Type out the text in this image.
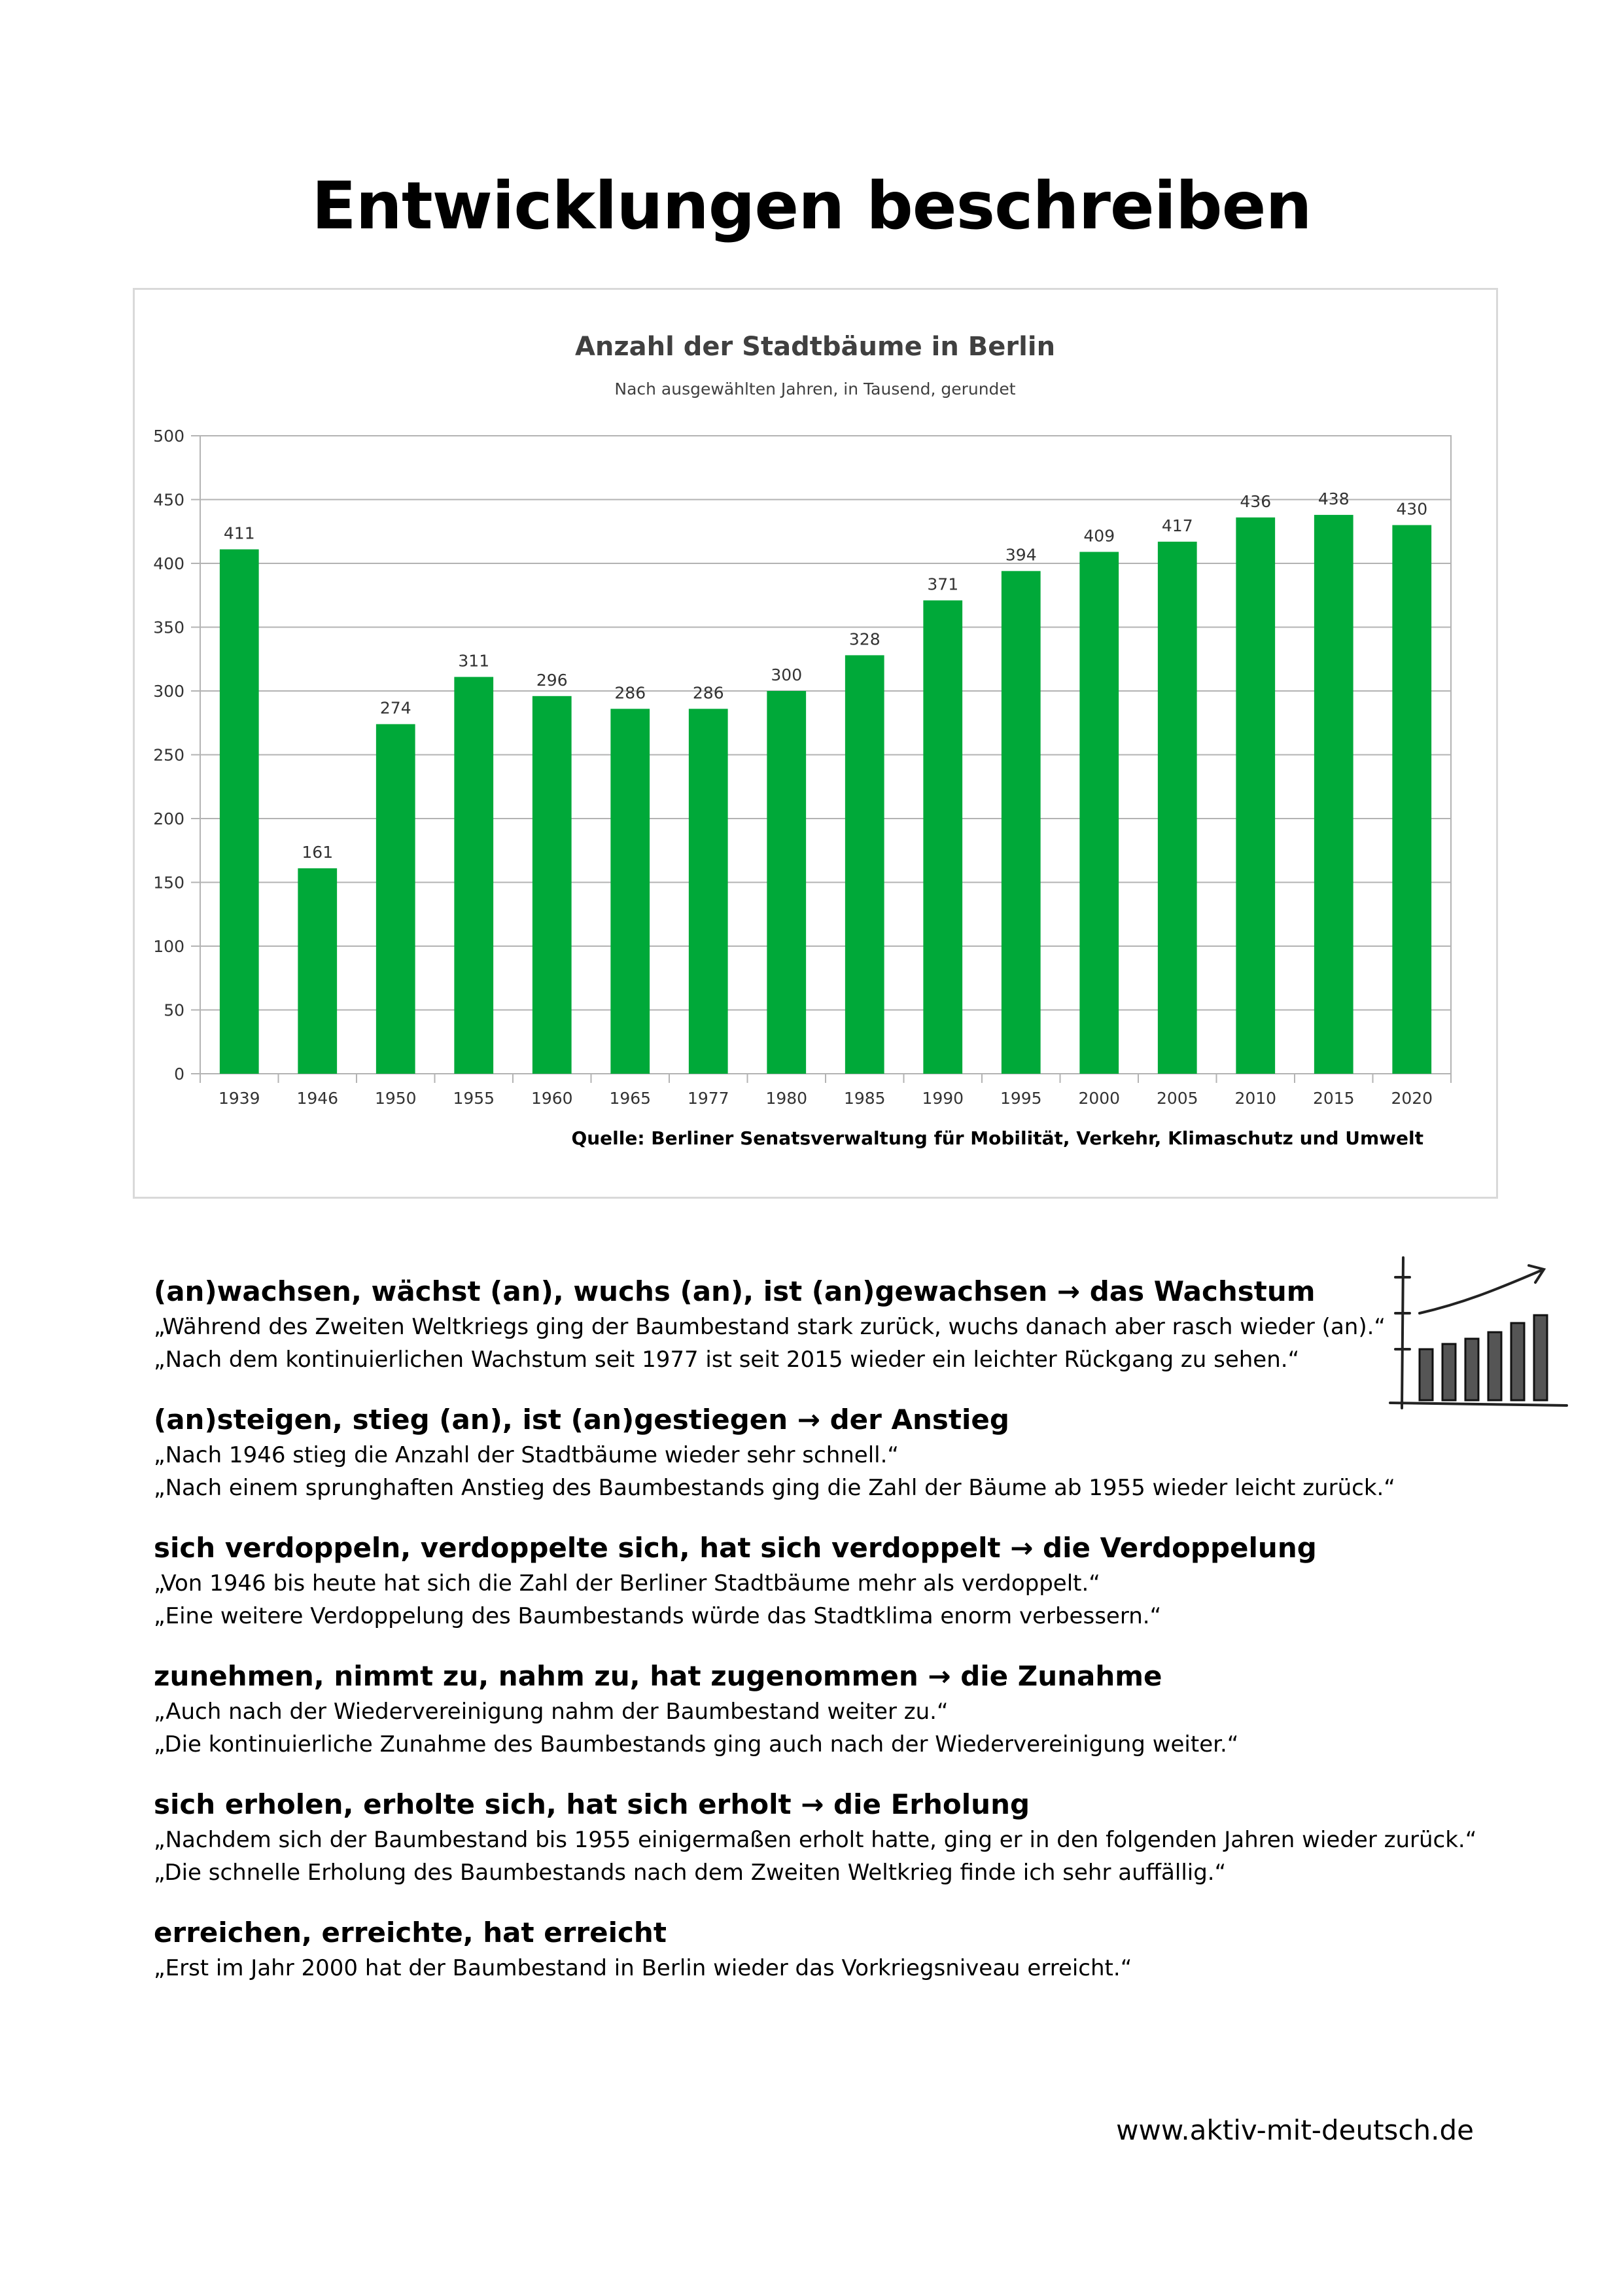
Entwicklungen beschreiben
Anzahl der Stadtbäume in Berlin
Nach ausgewählten Jahren, in Tausend, gerundet
0
50
100
150
200
250
300
350
400
450
500
411
1939
161
1946
274
1950
311
1955
296
1960
286
1965
286
1977
300
1980
328
1985
371
1990
394
1995
409
2000
417
2005
436
2010
438
2015
430
2020
Quelle: Berliner Senatsverwaltung für Mobilität, Verkehr, Klimaschutz und Umwelt
(an)wachsen, wächst (an), wuchs (an), ist (an)gewachsen → das Wachstum
„Während des Zweiten Weltkriegs ging der Baumbestand stark zurück, wuchs danach aber rasch wieder (an).“
„Nach dem kontinuierlichen Wachstum seit 1977 ist seit 2015 wieder ein leichter Rückgang zu sehen.“
(an)steigen, stieg (an), ist (an)gestiegen → der Anstieg
„Nach 1946 stieg die Anzahl der Stadtbäume wieder sehr schnell.“
„Nach einem sprunghaften Anstieg des Baumbestands ging die Zahl der Bäume ab 1955 wieder leicht zurück.“
sich verdoppeln, verdoppelte sich, hat sich verdoppelt → die Verdoppelung
„Von 1946 bis heute hat sich die Zahl der Berliner Stadtbäume mehr als verdoppelt.“
„Eine weitere Verdoppelung des Baumbestands würde das Stadtklima enorm verbessern.“
zunehmen, nimmt zu, nahm zu, hat zugenommen → die Zunahme
„Auch nach der Wiedervereinigung nahm der Baumbestand weiter zu.“
„Die kontinuierliche Zunahme des Baumbestands ging auch nach der Wiedervereinigung weiter.“
sich erholen, erholte sich, hat sich erholt → die Erholung
„Nachdem sich der Baumbestand bis 1955 einigermaßen erholt hatte, ging er in den folgenden Jahren wieder zurück.“
„Die schnelle Erholung des Baumbestands nach dem Zweiten Weltkrieg finde ich sehr auffällig.“
erreichen, erreichte, hat erreicht
„Erst im Jahr 2000 hat der Baumbestand in Berlin wieder das Vorkriegsniveau erreicht.“
www.aktiv-mit-deutsch.de
